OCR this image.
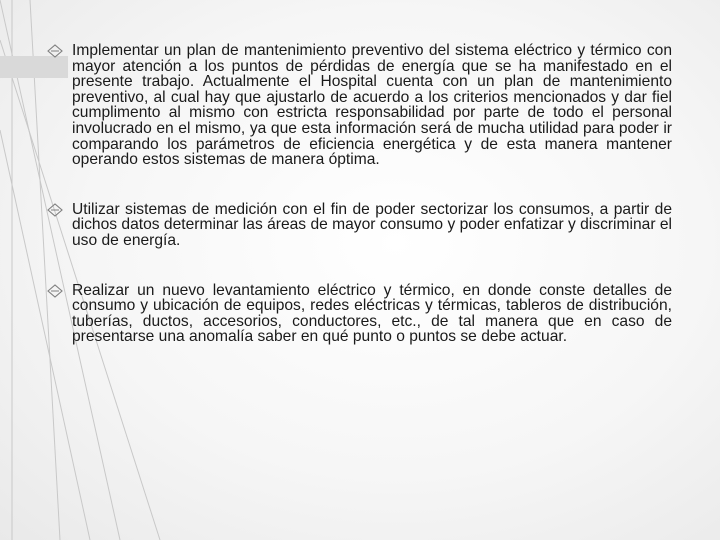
Implementar un plan de mantenimiento preventivo del sistema eléctrico y térmico con mayor atención a los puntos de pérdidas de energía que se ha manifestado en el presente trabajo. Actualmente el Hospital cuenta con un plan de mantenimiento preventivo, al cual hay que ajustarlo de acuerdo a los criterios mencionados y dar fiel cumplimento al mismo con estricta responsabilidad por parte de todo el personal involucrado en el mismo, ya que esta información será de mucha utilidad para poder ir comparando los parámetros de eficiencia energética y de esta manera mantener operando estos sistemas de manera óptima.
Utilizar sistemas de medición con el fin de poder sectorizar los consumos, a partir de dichos datos determinar las áreas de mayor consumo y poder enfatizar y discriminar el uso de energía.
Realizar un nuevo levantamiento eléctrico y térmico, en donde conste detalles de consumo y ubicación de equipos, redes eléctricas y térmicas, tableros de distribución, tuberías, ductos, accesorios, conductores, etc., de tal manera que en caso de presentarse una anomalía saber en qué punto o puntos se debe actuar.
